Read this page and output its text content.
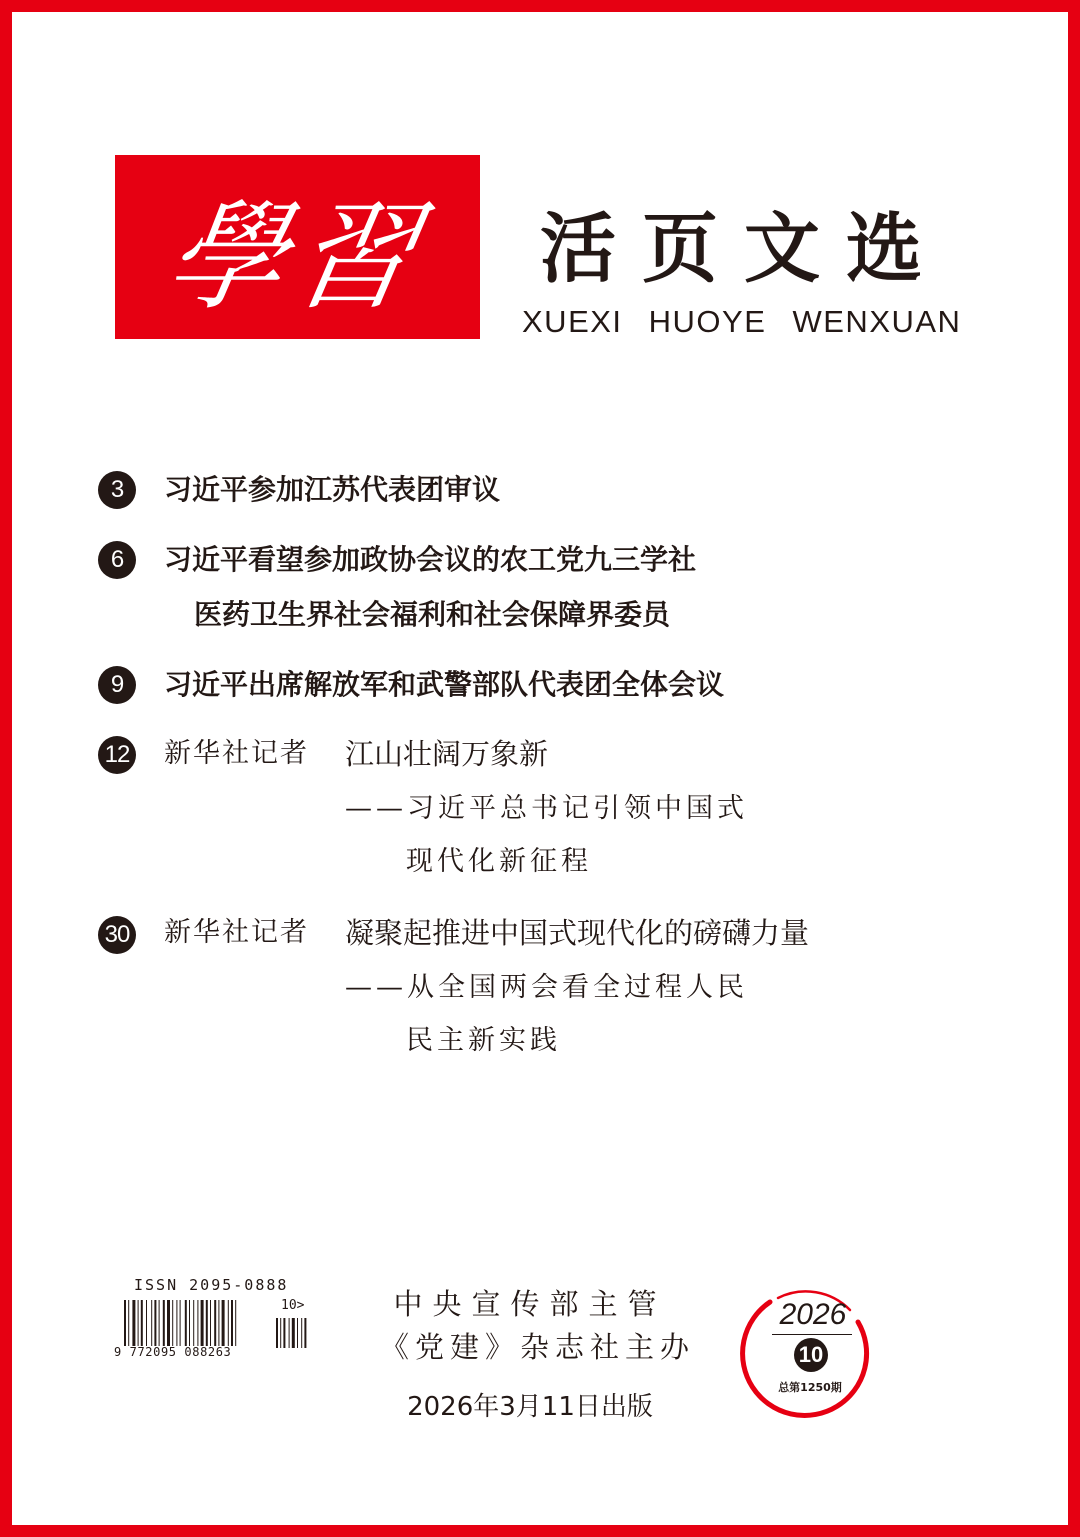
學習	活页文选
XUEXI HUOYE WENXUAN
3	习近平参加江苏代表团审议
6	习近平看望参加政协会议的农工党九三学社
医药卫生界社会福利和社会保障界委员
9	习近平出席解放军和武警部队代表团全体会议
12 新华社记者 江山壮阔万象新
——习近平总书记引领中国式
现代化新征程
30 新华社记者 凝聚起推进中国式现代化的磅礴力量
——从全国两会看全过程人民
民主新实践
ISSN 2095-0888
10>
9 772095 088263
中央宣传部主管
《党建》杂志社主办
2026年3月11日出版
2026
10
总第1250期
